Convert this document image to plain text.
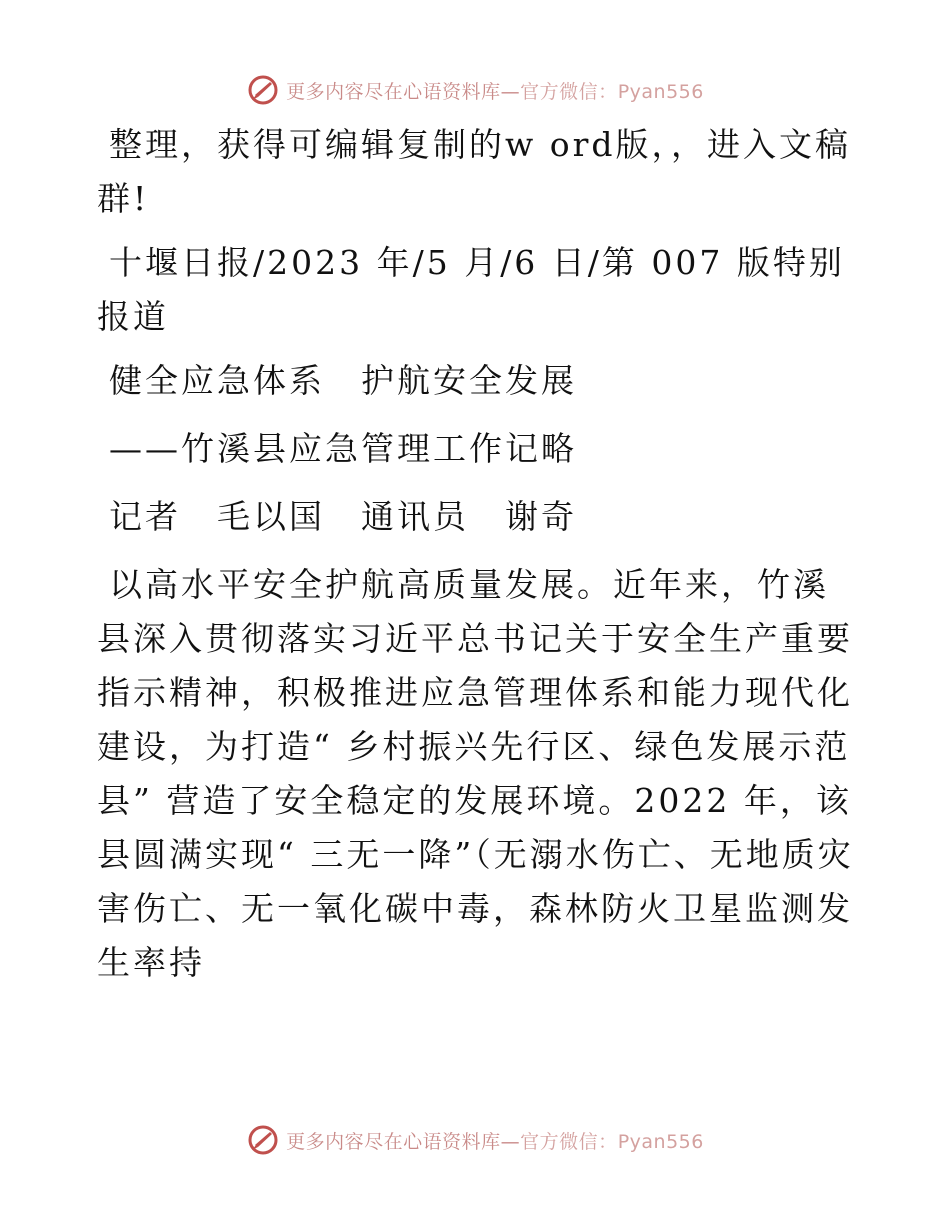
更多内容尽在心语资料库—官方微信：Pyan556

整理，获得可编辑复制的w ord版，，进入文稿群!

十堰日报/2023 年/5 月/6 日/第 007 版特别报道

健全应急体系　护航安全发展

——竹溪县应急管理工作记略

记者　毛以国　通讯员　谢奇

以高水平安全护航高质量发展。近年来，竹溪县深入贯彻落实习近平总书记关于安全生产重要指示精神，积极推进应急管理体系和能力现代化建设，为打造“ 乡村振兴先行区、绿色发展示范县” 营造了安全稳定的发展环境。2022 年，该县圆满实现“ 三无一降”（无溺水伤亡、无地质灾害伤亡、无一氧化碳中毒，森林防火卫星监测发生率持

更多内容尽在心语资料库—官方微信：Pyan556
